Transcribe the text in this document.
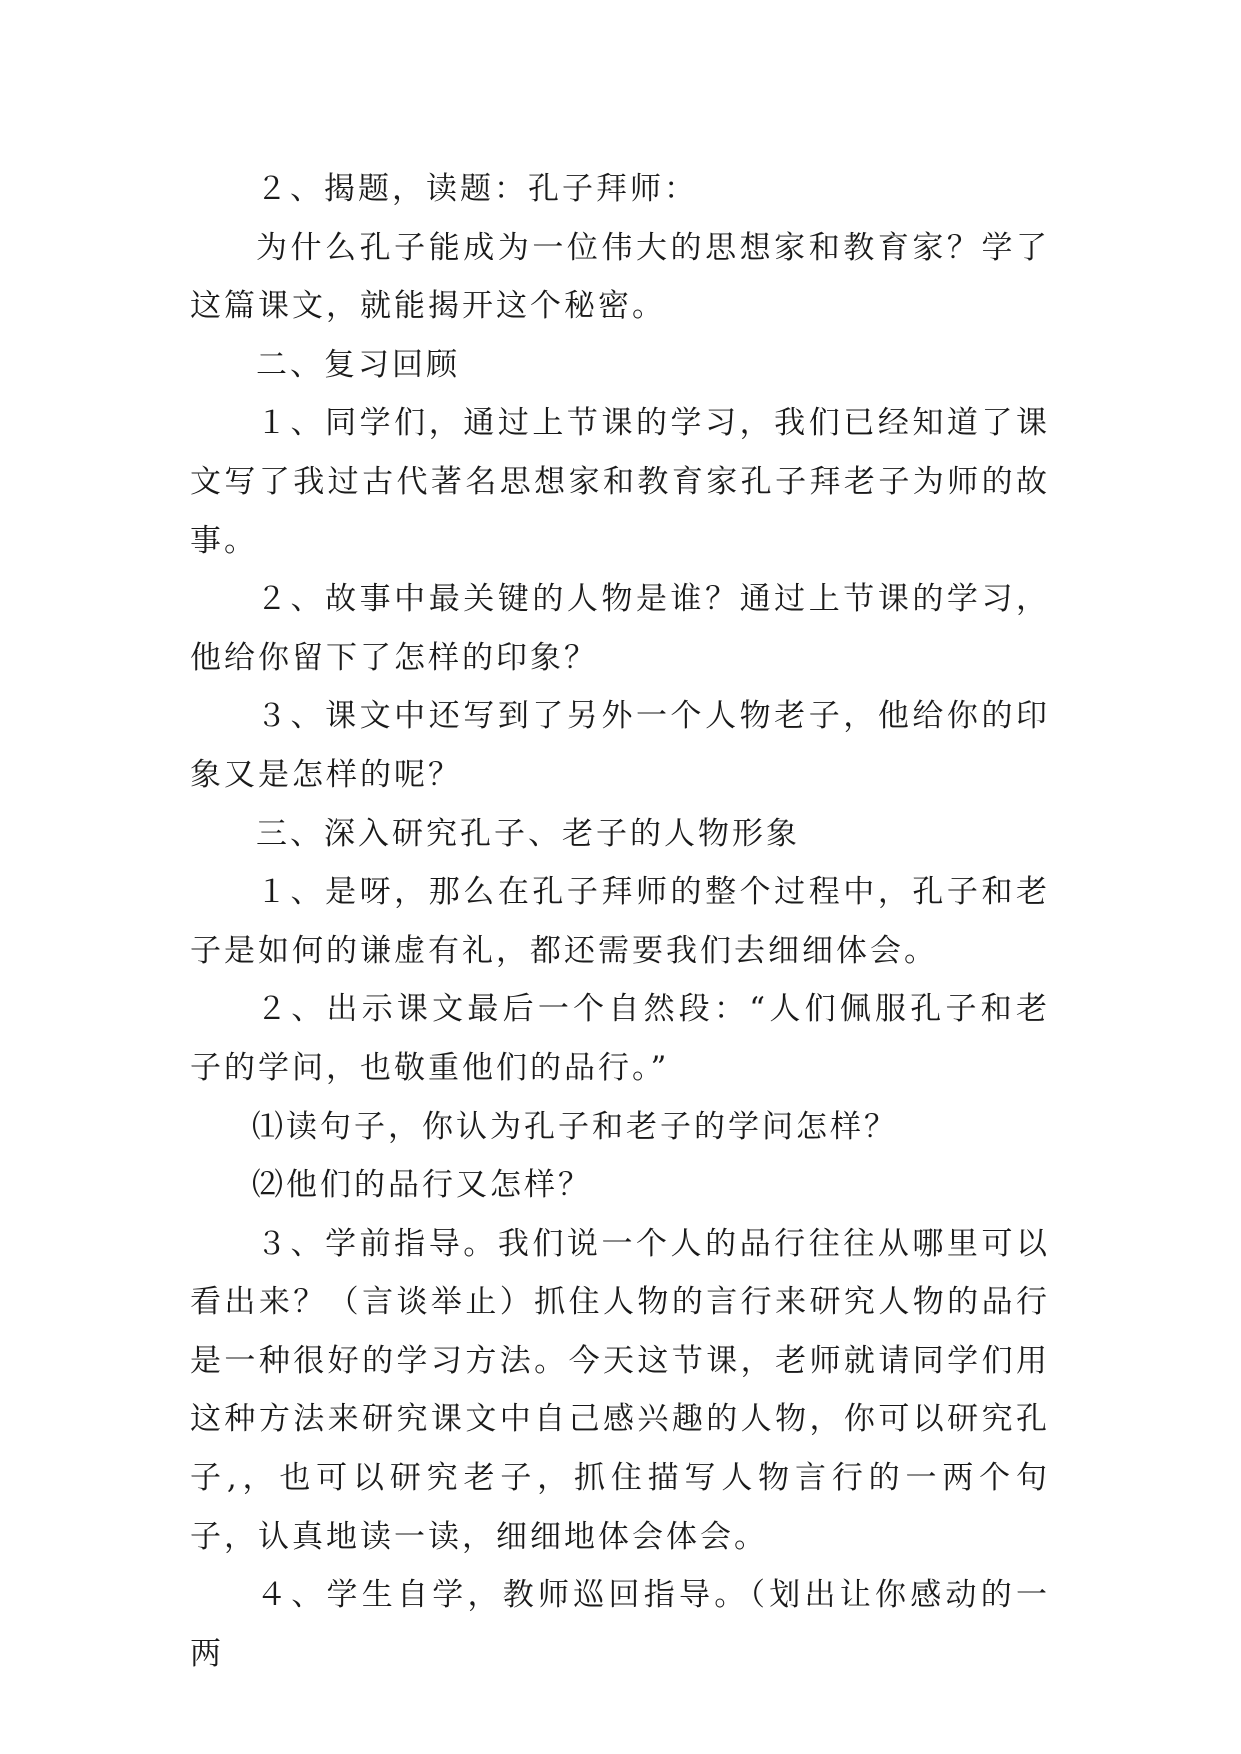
２、揭题，读题：孔子拜师：

为什么孔子能成为一位伟大的思想家和教育家？学了这篇课文，就能揭开这个秘密。

二、复习回顾

１、同学们，通过上节课的学习，我们已经知道了课文写了我过古代著名思想家和教育家孔子拜老子为师的故事。

２、故事中最关键的人物是谁？通过上节课的学习，他给你留下了怎样的印象？

３、课文中还写到了另外一个人物老子，他给你的印象又是怎样的呢？

三、深入研究孔子、老子的人物形象

１、是呀，那么在孔子拜师的整个过程中，孔子和老子是如何的谦虚有礼，都还需要我们去细细体会。

２、出示课文最后一个自然段：“人们佩服孔子和老子的学问，也敬重他们的品行。”

⑴读句子，你认为孔子和老子的学问怎样？

⑵他们的品行又怎样？

３、学前指导。我们说一个人的品行往往从哪里可以看出来？（言谈举止）抓住人物的言行来研究人物的品行是一种很好的学习方法。今天这节课，老师就请同学们用这种方法来研究课文中自己感兴趣的人物，你可以研究孔子,，也可以研究老子，抓住描写人物言行的一两个句子，认真地读一读，细细地体会体会。

４、学生自学，教师巡回指导。（划出让你感动的一两
